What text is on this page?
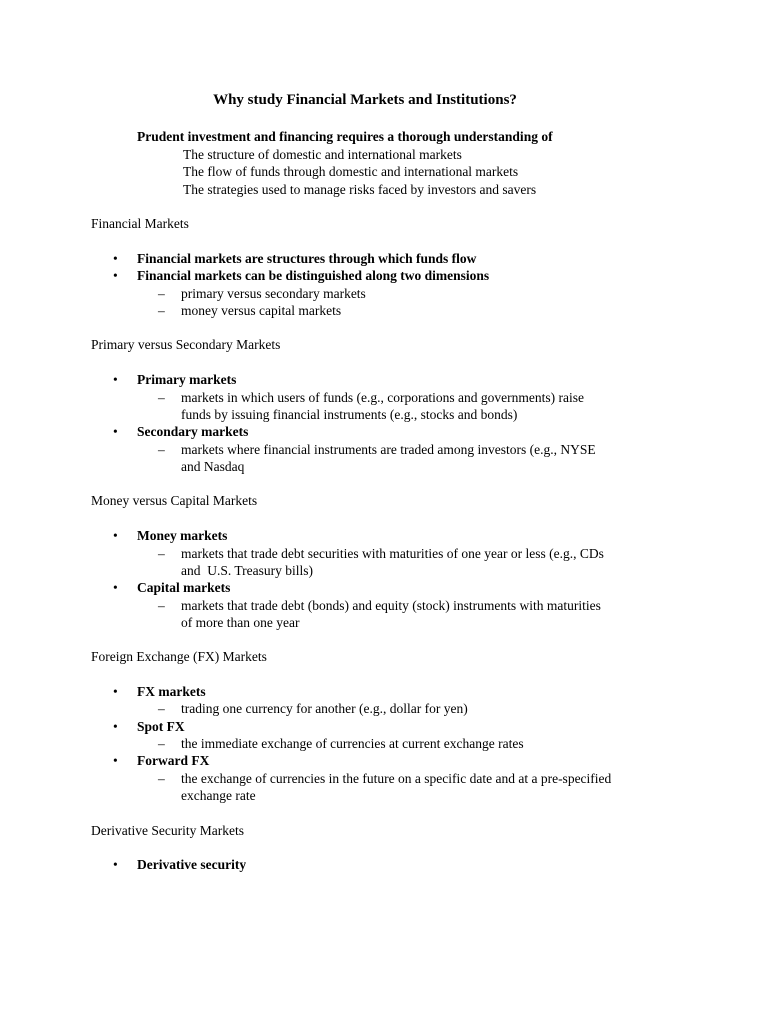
Why study Financial Markets and Institutions?
Prudent investment and financing requires a thorough understanding of
The structure of domestic and international markets
The flow of funds through domestic and international markets
The strategies used to manage risks faced by investors and savers
Financial Markets
• Financial markets are structures through which funds flow
• Financial markets can be distinguished along two dimensions
– primary versus secondary markets
– money versus capital markets
Primary versus Secondary Markets
• Primary markets
– markets in which users of funds (e.g., corporations and governments) raise
funds by issuing financial instruments (e.g., stocks and bonds)
• Secondary markets
– markets where financial instruments are traded among investors (e.g., NYSE
and Nasdaq
Money versus Capital Markets
• Money markets
– markets that trade debt securities with maturities of one year or less (e.g., CDs
and  U.S. Treasury bills)
• Capital markets
– markets that trade debt (bonds) and equity (stock) instruments with maturities
of more than one year
Foreign Exchange (FX) Markets
• FX markets
– trading one currency for another (e.g., dollar for yen)
• Spot FX
– the immediate exchange of currencies at current exchange rates
• Forward FX
– the exchange of currencies in the future on a specific date and at a pre-specified
exchange rate
Derivative Security Markets
• Derivative security
